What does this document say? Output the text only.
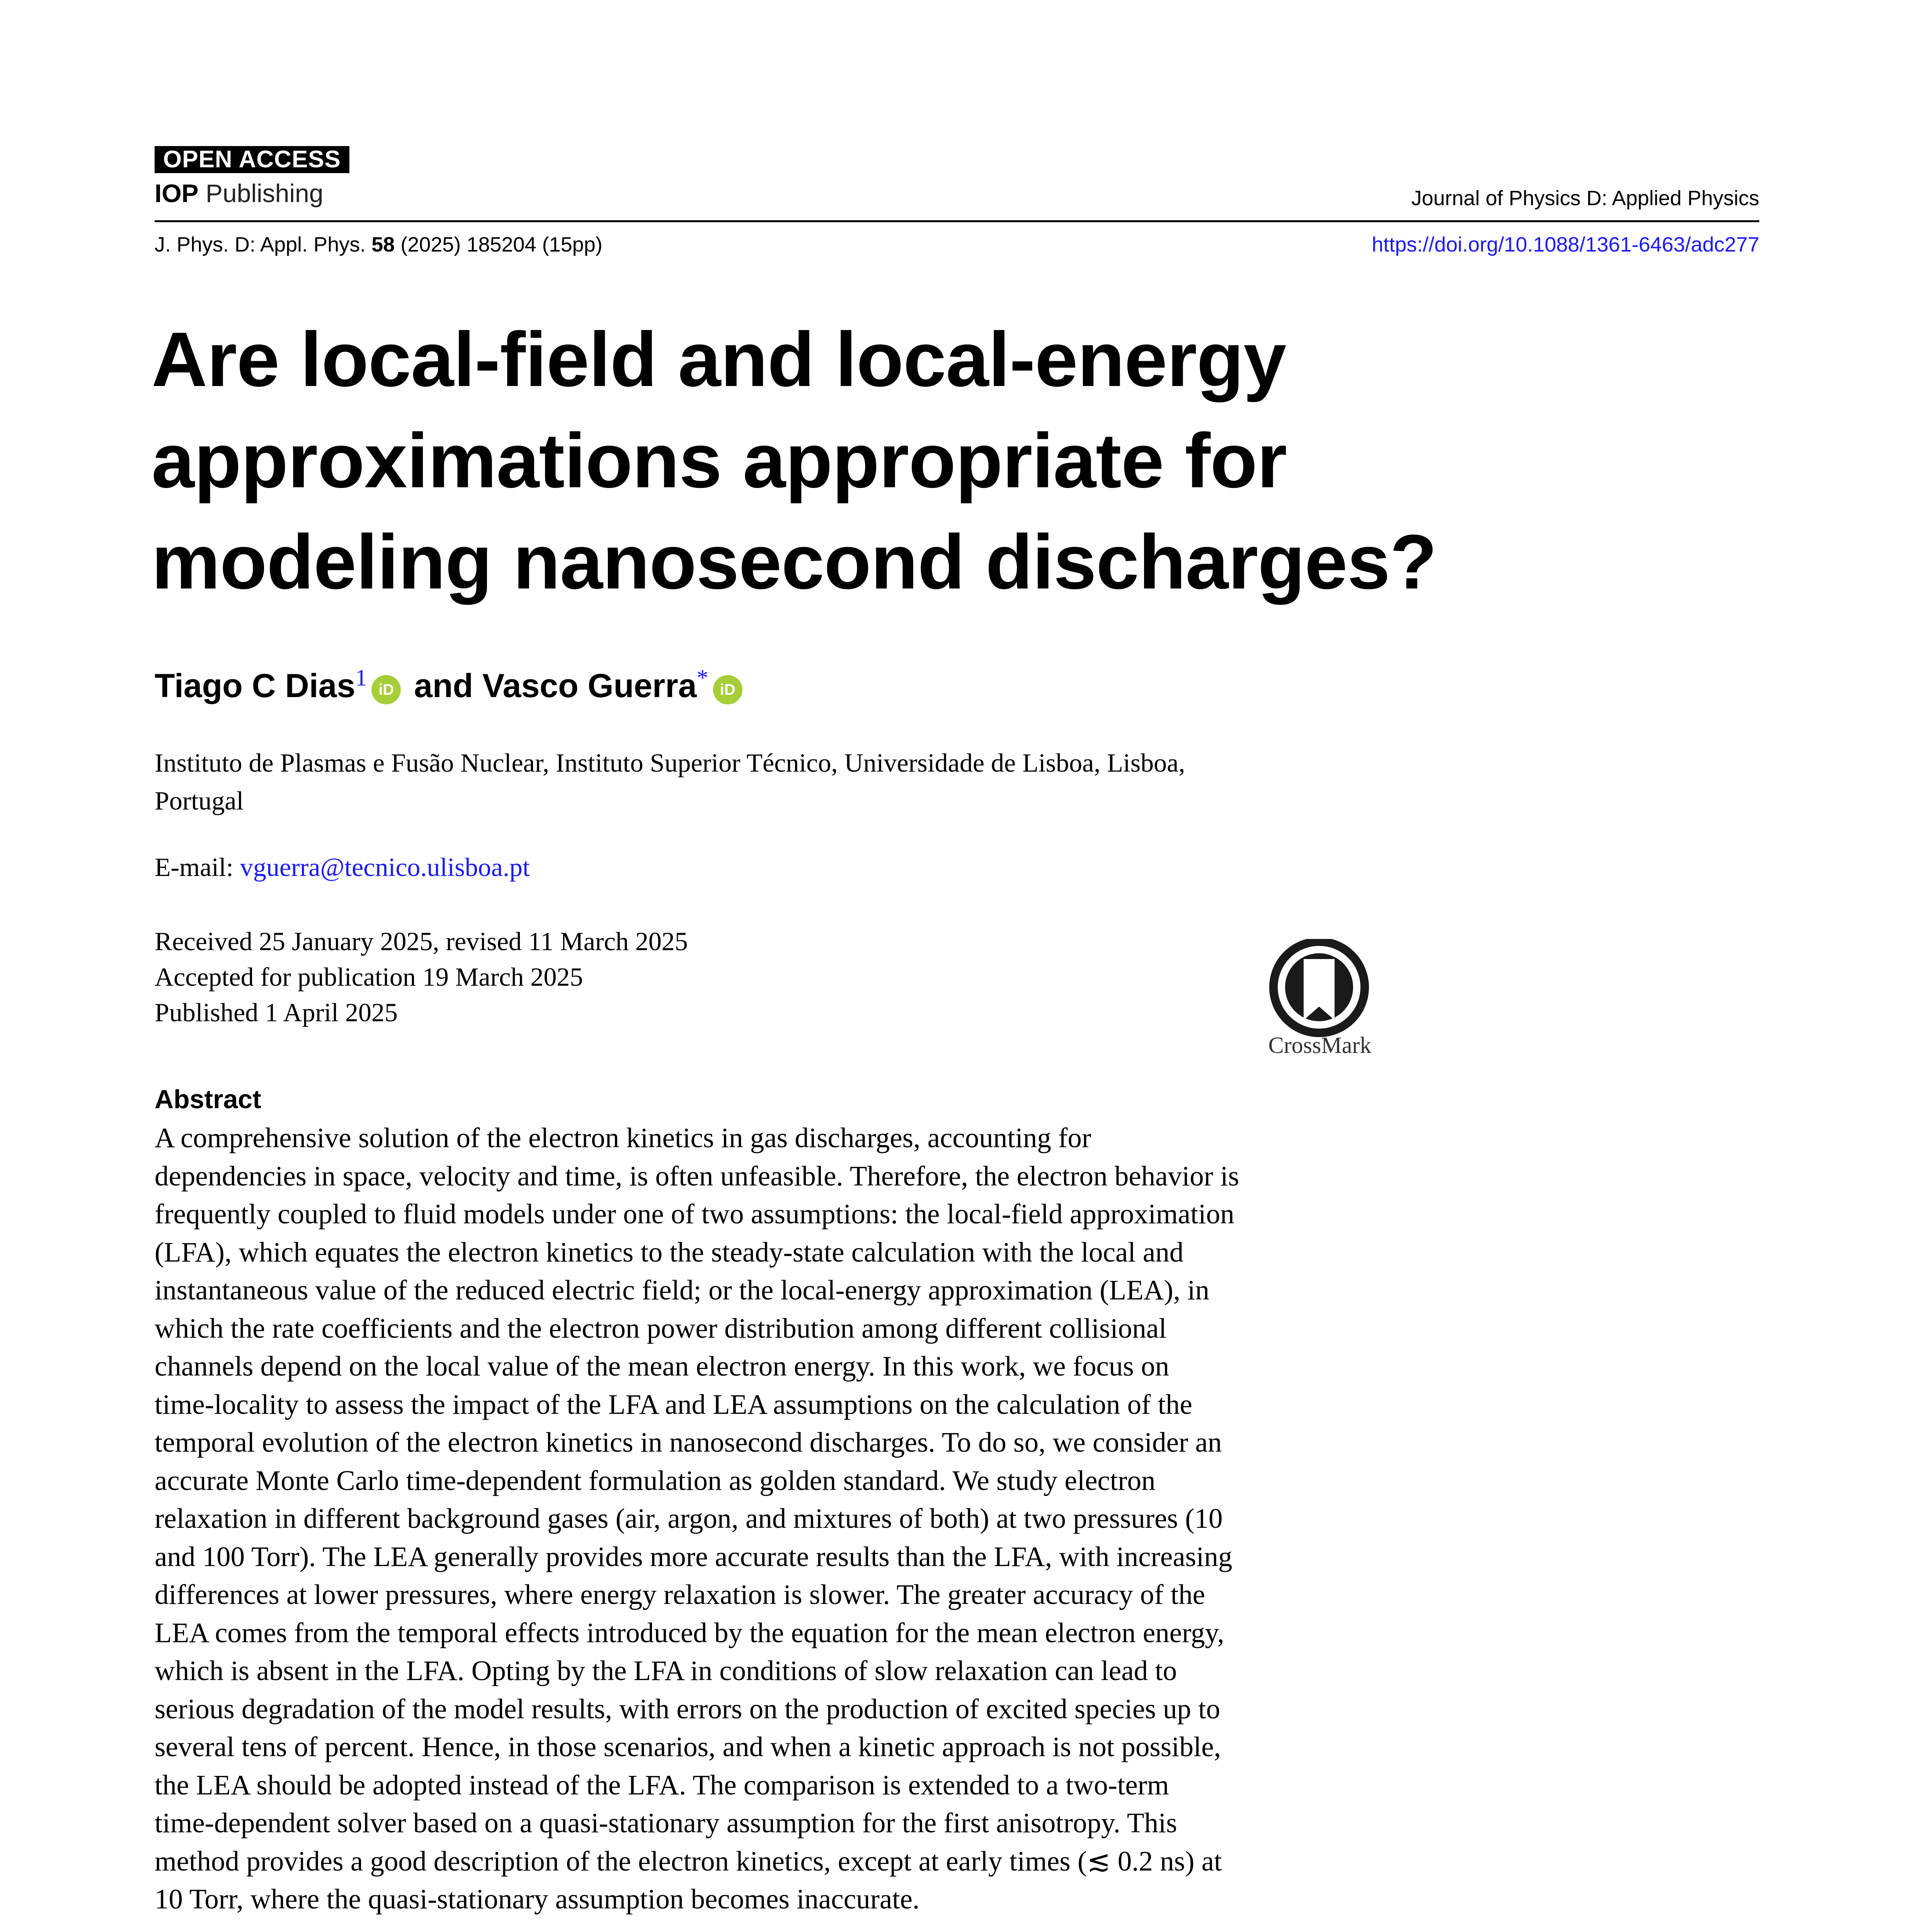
OPEN ACCESS
IOP Publishing	Journal of Physics D: Applied Physics
J. Phys. D: Appl. Phys. 58 (2025) 185204 (15pp)	https://doi.org/10.1088/1361-6463/adc277
Are local-field and local-energy
approximations appropriate for
modeling nanosecond discharges?
Tiago C Dias$^1$ iD and Vasco Guerra* iD
Instituto de Plasmas e Fusão Nuclear, Instituto Superior Técnico, Universidade de Lisboa, Lisboa,
Portugal
E-mail: vguerra@tecnico.ulisboa.pt
Received 25 January 2025, revised 11 March 2025
Accepted for publication 19 March 2025
Published 1 April 2025
CrossMark
Abstract
A comprehensive solution of the electron kinetics in gas discharges, accounting for
dependencies in space, velocity and time, is often unfeasible. Therefore, the electron behavior is
frequently coupled to fluid models under one of two assumptions: the local-field approximation
(LFA), which equates the electron kinetics to the steady-state calculation with the local and
instantaneous value of the reduced electric field; or the local-energy approximation (LEA), in
which the rate coefficients and the electron power distribution among different collisional
channels depend on the local value of the mean electron energy. In this work, we focus on
time-locality to assess the impact of the LFA and LEA assumptions on the calculation of the
temporal evolution of the electron kinetics in nanosecond discharges. To do so, we consider an
accurate Monte Carlo time-dependent formulation as golden standard. We study electron
relaxation in different background gases (air, argon, and mixtures of both) at two pressures (10
and 100 Torr). The LEA generally provides more accurate results than the LFA, with increasing
differences at lower pressures, where energy relaxation is slower. The greater accuracy of the
LEA comes from the temporal effects introduced by the equation for the mean electron energy,
which is absent in the LFA. Opting by the LFA in conditions of slow relaxation can lead to
serious degradation of the model results, with errors on the production of excited species up to
several tens of percent. Hence, in those scenarios, and when a kinetic approach is not possible,
the LEA should be adopted instead of the LFA. The comparison is extended to a two-term
time-dependent solver based on a quasi-stationary assumption for the first anisotropy. This
method provides a good description of the electron kinetics, except at early times (≲ 0.2 ns) at
10 Torr, where the quasi-stationary assumption becomes inaccurate.
